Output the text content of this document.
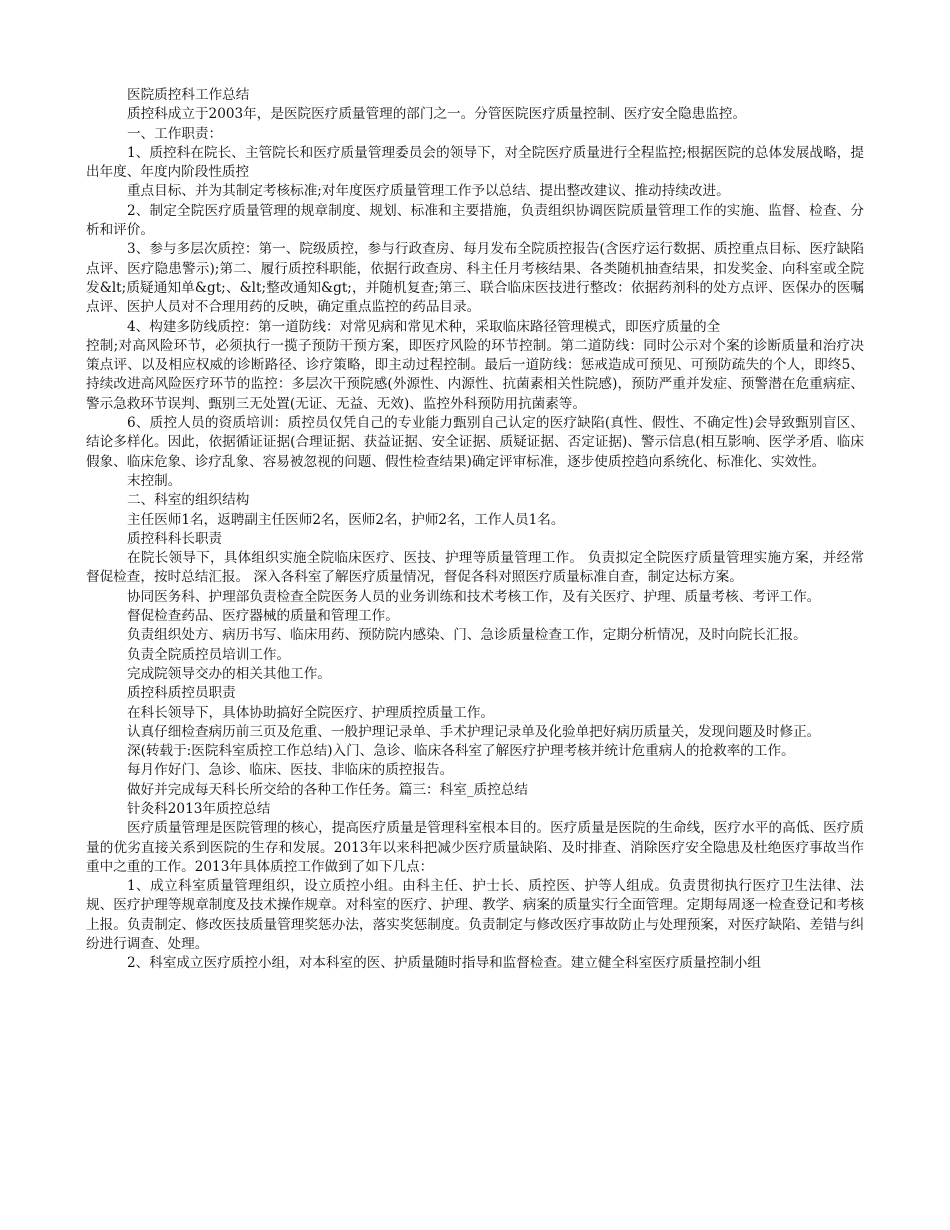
医院质控科工作总结

质控科成立于2003年，是医院医疗质量管理的部门之一。分管医院医疗质量控制、医疗安全隐患监控。

一、工作职责：

1、质控科在院长、主管院长和医疗质量管理委员会的领导下，对全院医疗质量进行全程监控;根据医院的总体发展战略，提出年度、年度内阶段性质控

重点目标、并为其制定考核标准;对年度医疗质量管理工作予以总结、提出整改建议、推动持续改进。

2、制定全院医疗质量管理的规章制度、规划、标准和主要措施，负责组织协调医院质量管理工作的实施、监督、检查、分析和评价。

3、参与多层次质控：第一、院级质控，参与行政查房、每月发布全院质控报告(含医疗运行数据、质控重点目标、医疗缺陷点评、医疗隐患警示);第二、履行质控科职能，依据行政查房、科主任月考核结果、各类随机抽查结果，扣发奖金、向科室或全院发&lt;质疑通知单&gt;、&lt;整改通知&gt;，并随机复查;第三、联合临床医技进行整改：依据药剂科的处方点评、医保办的医嘱点评、医护人员对不合理用药的反映，确定重点监控的药品目录。

4、构建多防线质控：第一道防线：对常见病和常见术种，采取临床路径管理模式，即医疗质量的全

控制;对高风险环节，必须执行一揽子预防干预方案，即医疗风险的环节控制。第二道防线：同时公示对个案的诊断质量和治疗决策点评、以及相应权威的诊断路径、诊疗策略，即主动过程控制。最后一道防线：惩戒造成可预见、可预防疏失的个人，即终5、持续改进高风险医疗环节的监控：多层次干预院感(外源性、内源性、抗菌素相关性院感)，预防严重并发症、预警潜在危重病症、警示急救环节误判、甄别三无处置(无证、无益、无效)、监控外科预防用抗菌素等。

6、质控人员的资质培训：质控员仅凭自己的专业能力甄别自己认定的医疗缺陷(真性、假性、不确定性)会导致甄别盲区、结论多样化。因此，依据循证证据(合理证据、获益证据、安全证据、质疑证据、否定证据)、警示信息(相互影响、医学矛盾、临床假象、临床危象、诊疗乱象、容易被忽视的问题、假性检查结果)确定评审标准，逐步使质控趋向系统化、标准化、实效性。

末控制。

二、科室的组织结构

主任医师1名，返聘副主任医师2名，医师2名，护师2名，工作人员1名。

质控科科长职责

在院长领导下，具体组织实施全院临床医疗、医技、护理等质量管理工作。 负责拟定全院医疗质量管理实施方案，并经常督促检查，按时总结汇报。 深入各科室了解医疗质量情况，督促各科对照医疗质量标准自查，制定达标方案。

协同医务科、护理部负责检查全院医务人员的业务训练和技术考核工作，及有关医疗、护理、质量考核、考评工作。

督促检查药品、医疗器械的质量和管理工作。

负责组织处方、病历书写、临床用药、预防院内感染、门、急诊质量检查工作，定期分析情况，及时向院长汇报。

负责全院质控员培训工作。

完成院领导交办的相关其他工作。

质控科质控员职责

在科长领导下，具体协助搞好全院医疗、护理质控质量工作。

认真仔细检查病历前三页及危重、一般护理记录单、手术护理记录单及化验单把好病历质量关，发现问题及时修正。

深(转载于:医院科室质控工作总结)入门、急诊、临床各科室了解医疗护理考核并统计危重病人的抢救率的工作。

每月作好门、急诊、临床、医技、非临床的质控报告。

做好并完成每天科长所交给的各种工作任务。篇三：科室_质控总结

针灸科2013年质控总结

医疗质量管理是医院管理的核心，提高医疗质量是管理科室根本目的。医疗质量是医院的生命线，医疗水平的高低、医疗质量的优劣直接关系到医院的生存和发展。2013年以来科把减少医疗质量缺陷、及时排查、消除医疗安全隐患及杜绝医疗事故当作重中之重的工作。2013年具体质控工作做到了如下几点：

1、成立科室质量管理组织，设立质控小组。由科主任、护士长、质控医、护等人组成。负责贯彻执行医疗卫生法律、法规、医疗护理等规章制度及技术操作规章。对科室的医疗、护理、教学、病案的质量实行全面管理。定期每周逐一检查登记和考核上报。负责制定、修改医技质量管理奖惩办法，落实奖惩制度。负责制定与修改医疗事故防止与处理预案，对医疗缺陷、差错与纠纷进行调查、处理。

2、科室成立医疗质控小组，对本科室的医、护质量随时指导和监督检查。建立健全科室医疗质量控制小组
